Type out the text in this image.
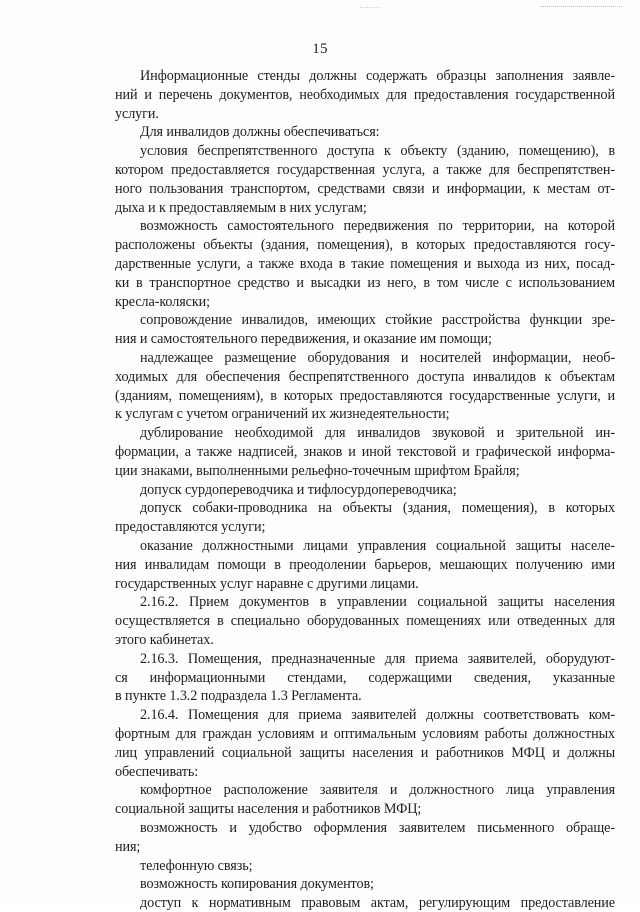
15
Информационные стенды должны содержать образцы заполнения заявле-
ний и перечень документов, необходимых для предоставления государственной
услуги.
Для инвалидов должны обеспечиваться:
условия беспрепятственного доступа к объекту (зданию, помещению), в
котором предоставляется государственная услуга, а также для беспрепятствен-
ного пользования транспортом, средствами связи и информации, к местам от-
дыха и к предоставляемым в них услугам;
возможность самостоятельного передвижения по территории, на которой
расположены объекты (здания, помещения), в которых предоставляются госу-
дарственные услуги, а также входа в такие помещения и выхода из них, посад-
ки в транспортное средство и высадки из него, в том числе с использованием
кресла-коляски;
сопровождение инвалидов, имеющих стойкие расстройства функции зре-
ния и самостоятельного передвижения, и оказание им помощи;
надлежащее размещение оборудования и носителей информации, необ-
ходимых для обеспечения беспрепятственного доступа инвалидов к объектам
(зданиям, помещениям), в которых предоставляются государственные услуги, и
к услугам с учетом ограничений их жизнедеятельности;
дублирование необходимой для инвалидов звуковой и зрительной ин-
формации, а также надписей, знаков и иной текстовой и графической информа-
ции знаками, выполненными рельефно-точечным шрифтом Брайля;
допуск сурдопереводчика и тифлосурдопереводчика;
допуск собаки-проводника на объекты (здания, помещения), в которых
предоставляются услуги;
оказание должностными лицами управления социальной защиты населе-
ния инвалидам помощи в преодолении барьеров, мешающих получению ими
государственных услуг наравне с другими лицами.
2.16.2. Прием документов в управлении социальной защиты населения
осуществляется в специально оборудованных помещениях или отведенных для
этого кабинетах.
2.16.3. Помещения, предназначенные для приема заявителей, оборудуют-
ся информационными стендами, содержащими сведения, указанные
в пункте 1.3.2 подраздела 1.3 Регламента.
2.16.4. Помещения для приема заявителей должны соответствовать ком-
фортным для граждан условиям и оптимальным условиям работы должностных
лиц управлений социальной защиты населения и работников МФЦ и должны
обеспечивать:
комфортное расположение заявителя и должностного лица управления
социальной защиты населения и работников МФЦ;
возможность и удобство оформления заявителем письменного обраще-
ния;
телефонную связь;
возможность копирования документов;
доступ к нормативным правовым актам, регулирующим предоставление
